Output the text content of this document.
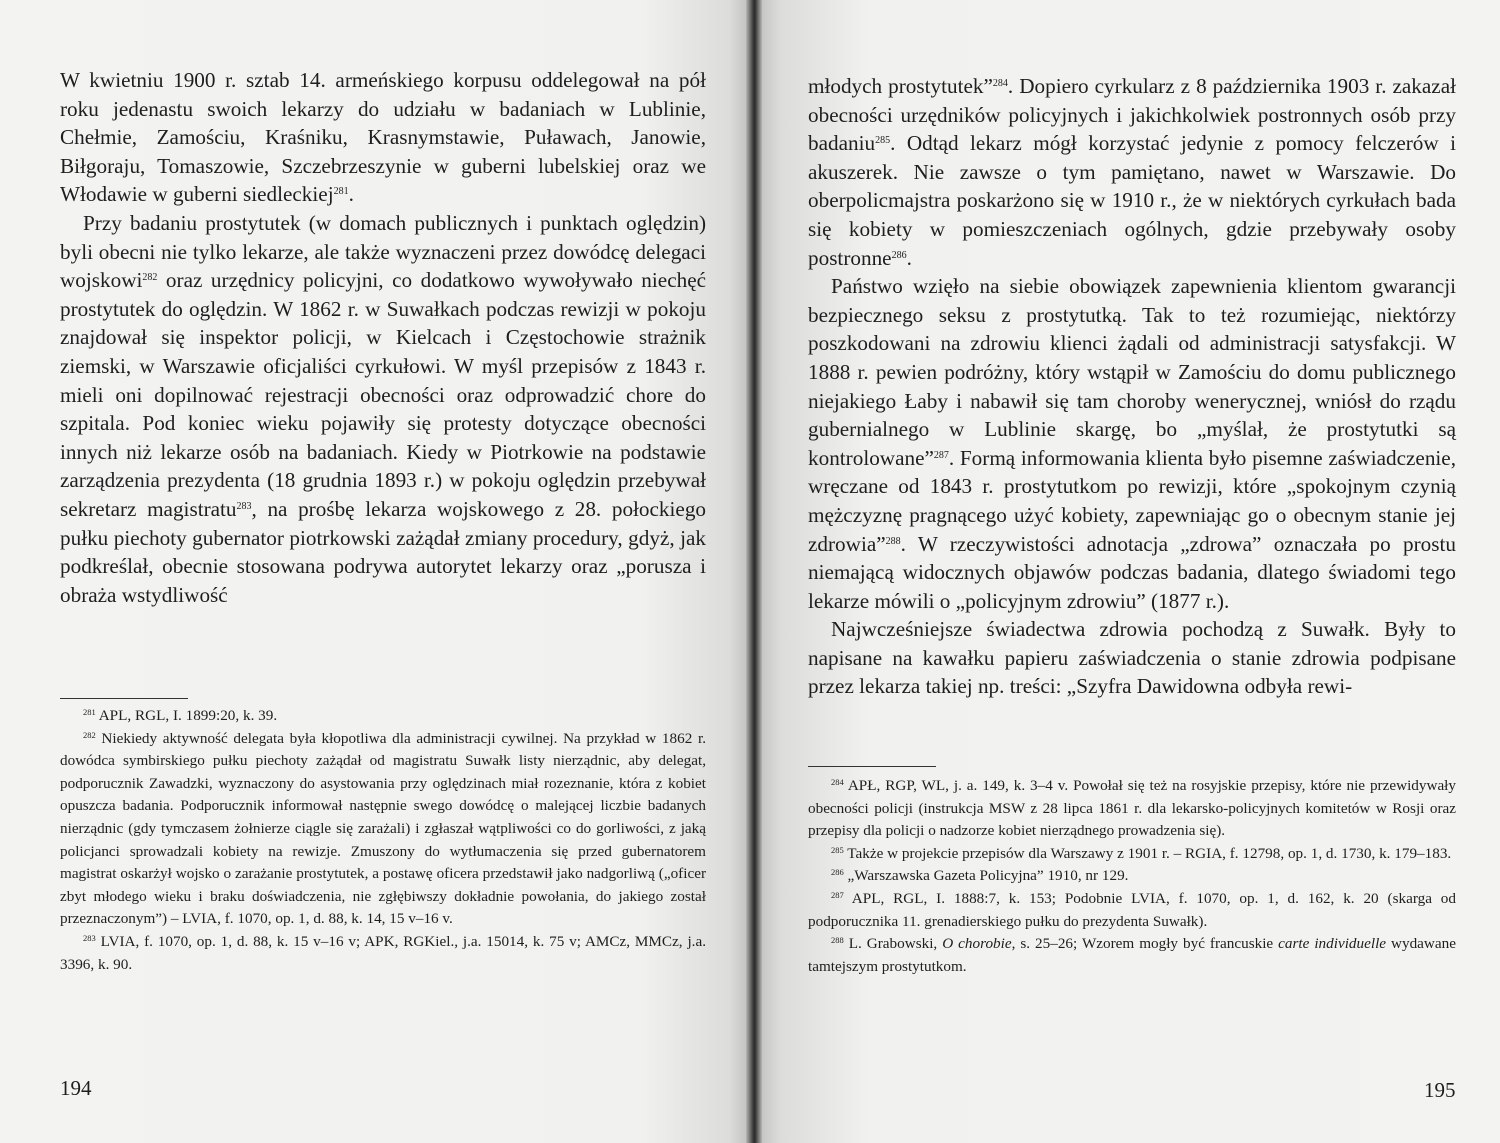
W kwietniu 1900 r. sztab 14. armeńskiego korpusu oddelegował na pół roku jedenastu swoich lekarzy do udziału w badaniach w Lublinie, Chełmie, Zamościu, Kraśniku, Krasnymstawie, Puławach, Janowie, Biłgoraju, Tomaszowie, Szczebrzeszynie w guberni lubelskiej oraz we Włodawie w guberni siedleckiej$^{281}$.

Przy badaniu prostytutek (w domach publicznych i punktach oględzin) byli obecni nie tylko lekarze, ale także wyznaczeni przez dowódcę delegaci wojskowi$^{282}$ oraz urzędnicy policyjni, co dodatkowo wywoływało niechęć prostytutek do oględzin. W 1862 r. w Suwałkach podczas rewizji w pokoju znajdował się inspektor policji, w Kielcach i Częstochowie strażnik ziemski, w Warszawie oficjaliści cyrkułowi. W myśl przepisów z 1843 r. mieli oni dopilnować rejestracji obecności oraz odprowadzić chore do szpitala. Pod koniec wieku pojawiły się protesty dotyczące obecności innych niż lekarze osób na badaniach. Kiedy w Piotrkowie na podstawie zarządzenia prezydenta (18 grudnia 1893 r.) w pokoju oględzin przebywał sekretarz magistratu$^{283}$, na prośbę lekarza wojskowego z 28. połockiego pułku piechoty gubernator piotrkowski zażądał zmiany procedury, gdyż, jak podkreślał, obecnie stosowana podrywa autorytet lekarzy oraz „porusza i obraża wstydliwość

$^{281}$ APL, RGL, I. 1899:20, k. 39.

$^{282}$ Niekiedy aktywność delegata była kłopotliwa dla administracji cywilnej. Na przykład w 1862 r. dowódca symbirskiego pułku piechoty zażądał od magistratu Suwałk listy nierządnic, aby delegat, podporucznik Zawadzki, wyznaczony do asystowania przy oględzinach miał rozeznanie, która z kobiet opuszcza badania. Podporucznik informował następnie swego dowódcę o malejącej liczbie badanych nierządnic (gdy tymczasem żołnierze ciągle się zarażali) i zgłaszał wątpliwości co do gorliwości, z jaką policjanci sprowadzali kobiety na rewizje. Zmuszony do wytłumaczenia się przed gubernatorem magistrat oskarżył wojsko o zarażanie prostytutek, a postawę oficera przedstawił jako nadgorliwą („oficer zbyt młodego wieku i braku doświadczenia, nie zgłębiwszy dokładnie powołania, do jakiego został przeznaczonym”) – LVIA, f. 1070, op. 1, d. 88, k. 14, 15 v–16 v.

$^{283}$ LVIA, f. 1070, op. 1, d. 88, k. 15 v–16 v; APK, RGKiel., j.a. 15014, k. 75 v; AMCz, MMCz, j.a. 3396, k. 90.

194

młodych prostytutek”$^{284}$. Dopiero cyrkularz z 8 października 1903 r. zakazał obecności urzędników policyjnych i jakichkolwiek postronnych osób przy badaniu$^{285}$. Odtąd lekarz mógł korzystać jedynie z pomocy felczerów i akuszerek. Nie zawsze o tym pamiętano, nawet w Warszawie. Do oberpolicmajstra poskarżono się w 1910 r., że w niektórych cyrkułach bada się kobiety w pomieszczeniach ogólnych, gdzie przebywały osoby postronne$^{286}$.

Państwo wzięło na siebie obowiązek zapewnienia klientom gwarancji bezpiecznego seksu z prostytutką. Tak to też rozumiejąc, niektórzy poszkodowani na zdrowiu klienci żądali od administracji satysfakcji. W 1888 r. pewien podróżny, który wstąpił w Zamościu do domu publicznego niejakiego Łaby i nabawił się tam choroby wenerycznej, wniósł do rządu gubernialnego w Lublinie skargę, bo „myślał, że prostytutki są kontrolowane”$^{287}$. Formą informowania klienta było pisemne zaświadczenie, wręczane od 1843 r. prostytutkom po rewizji, które „spokojnym czynią mężczyznę pragnącego użyć kobiety, zapewniając go o obecnym stanie jej zdrowia”$^{288}$. W rzeczywistości adnotacja „zdrowa” oznaczała po prostu niemającą widocznych objawów podczas badania, dlatego świadomi tego lekarze mówili o „policyjnym zdrowiu” (1877 r.).

Najwcześniejsze świadectwa zdrowia pochodzą z Suwałk. Były to napisane na kawałku papieru zaświadczenia o stanie zdrowia podpisane przez lekarza takiej np. treści: „Szyfra Dawidowna odbyła rewi-

$^{284}$ APŁ, RGP, WL, j. a. 149, k. 3–4 v. Powołał się też na rosyjskie przepisy, które nie przewidywały obecności policji (instrukcja MSW z 28 lipca 1861 r. dla lekarsko-policyjnych komitetów w Rosji oraz przepisy dla policji o nadzorze kobiet nierządnego prowadzenia się).

$^{285}$ Także w projekcie przepisów dla Warszawy z 1901 r. – RGIA, f. 12798, op. 1, d. 1730, k. 179–183.

$^{286}$ „Warszawska Gazeta Policyjna” 1910, nr 129.

$^{287}$ APL, RGL, I. 1888:7, k. 153; Podobnie LVIA, f. 1070, op. 1, d. 162, k. 20 (skarga od podporucznika 11. grenadierskiego pułku do prezydenta Suwałk).

$^{288}$ L. Grabowski, O chorobie, s. 25–26; Wzorem mogły być francuskie carte individuelle wydawane tamtejszym prostytutkom.

195
